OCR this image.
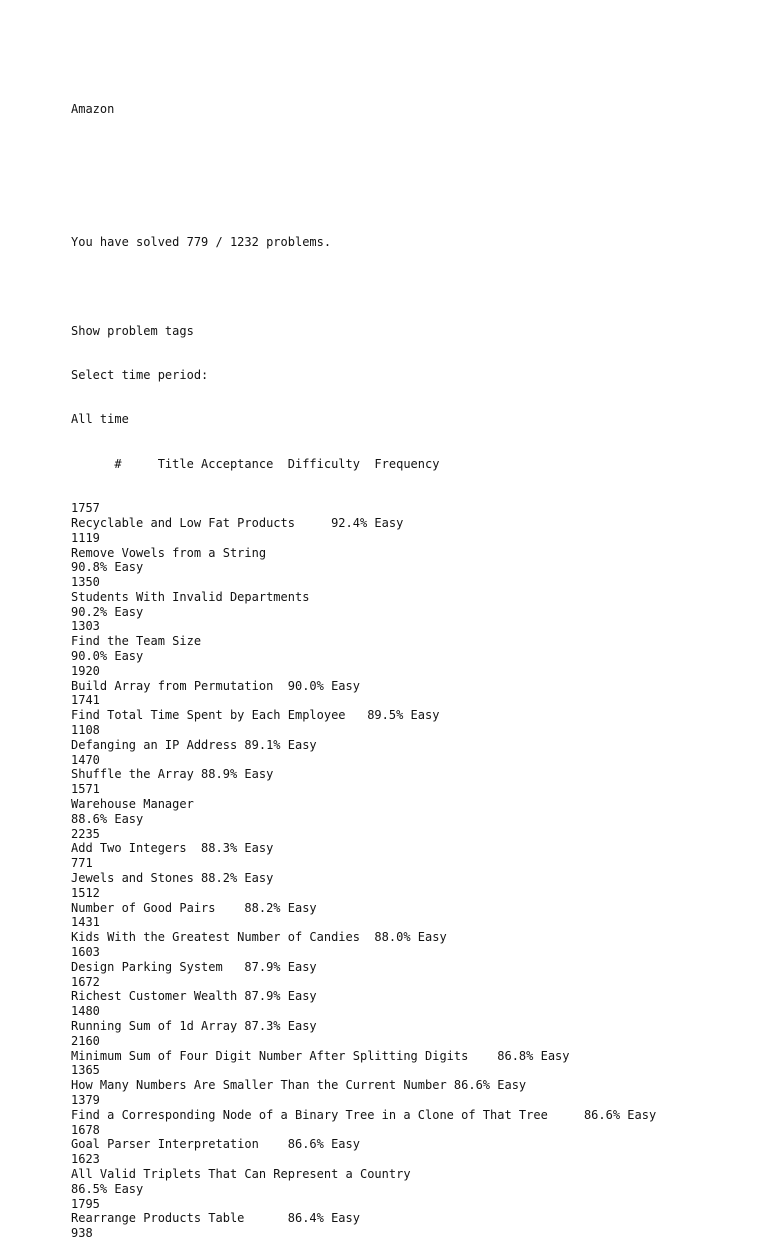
Amazon

You have solved 779 / 1232 problems.

Show problem tags

Select time period:

All time

#     Title Acceptance  Difficulty  Frequency

1757
Recyclable and Low Fat Products     92.4% Easy
1119
Remove Vowels from a String
90.8% Easy
1350
Students With Invalid Departments
90.2% Easy
1303
Find the Team Size
90.0% Easy
1920
Build Array from Permutation  90.0% Easy
1741
Find Total Time Spent by Each Employee   89.5% Easy
1108
Defanging an IP Address 89.1% Easy
1470
Shuffle the Array 88.9% Easy
1571
Warehouse Manager
88.6% Easy
2235
Add Two Integers  88.3% Easy
771
Jewels and Stones 88.2% Easy
1512
Number of Good Pairs    88.2% Easy
1431
Kids With the Greatest Number of Candies  88.0% Easy
1603
Design Parking System   87.9% Easy
1672
Richest Customer Wealth 87.9% Easy
1480
Running Sum of 1d Array 87.3% Easy
2160
Minimum Sum of Four Digit Number After Splitting Digits    86.8% Easy
1365
How Many Numbers Are Smaller Than the Current Number 86.6% Easy
1379
Find a Corresponding Node of a Binary Tree in a Clone of That Tree     86.6% Easy
1678
Goal Parser Interpretation    86.6% Easy
1623
All Valid Triplets That Can Represent a Country
86.5% Easy
1795
Rearrange Products Table      86.4% Easy
938
